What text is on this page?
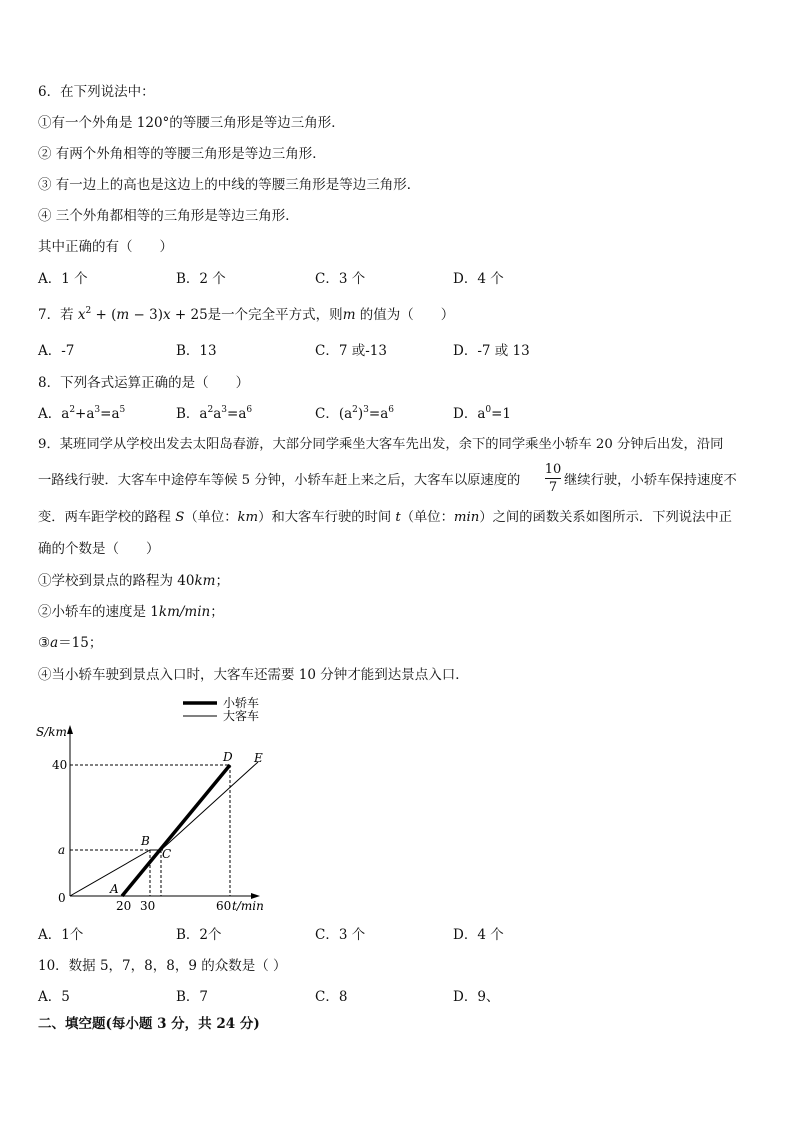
6．在下列说法中：
①有一个外角是 120°的等腰三角形是等边三角形．
② 有两个外角相等的等腰三角形是等边三角形．
③ 有一边上的高也是这边上的中线的等腰三角形是等边三角形．
④ 三个外角都相等的三角形是等边三角形．
其中正确的有（　　）
A．1 个	B．2 个	C．3 个	D．4 个
7．若 $x^2 + (m - 3)x + 25$是一个完全平方式，则m 的值为（　　）
A．-7	B．13	C．7 或-13	D．-7 或 13
8．下列各式运算正确的是（　　）
A．$a^2+a^3=a^5$	B．$a^2a^3=a^6$	C．$(a^2)^3=a^6$	D．$a^0=1$
9．某班同学从学校出发去太阳岛春游，大部分同学乘坐大客车先出发，余下的同学乘坐小轿车 20 分钟后出发，沿同
一路线行驶．大客车中途停车等候 5 分钟，小轿车赶上来之后，大客车以原速度的
10
7 继续行驶，小轿车保持速度不
变．两车距学校的路程 S（单位：km）和大客车行驶的时间 t（单位：min）之间的函数关系如图所示．下列说法中正
确的个数是（　　）
①学校到景点的路程为 40km；
②小轿车的速度是 1km/min；
③a＝15；
④当小轿车驶到景点入口时，大客车还需要 10 分钟才能到达景点入口．
小轿车
大客车
S/km
t/min
40
a
0
20 30	60
A
B
C
D E
A．1个	B．2个	C．3 个	D．4 个
10．数据 5，7，8，8，9 的众数是（ ）
A．5	B．7	C．8	D．9、
二、填空题(每小题 3 分，共 24 分)
